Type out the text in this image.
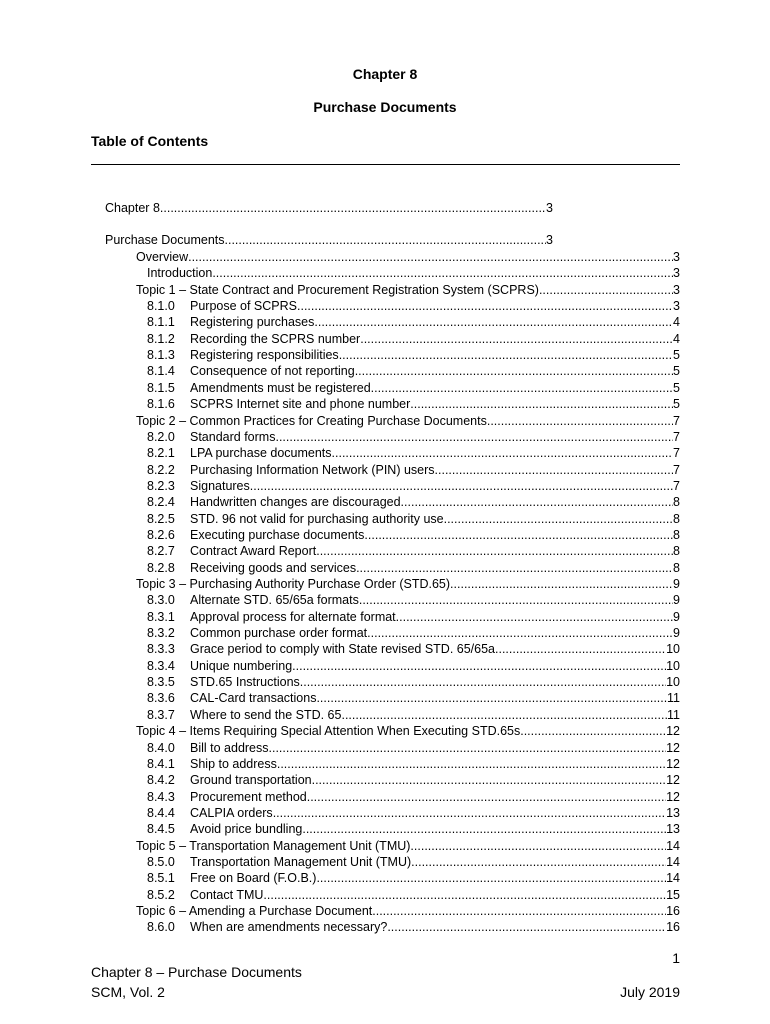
Chapter 8
Purchase Documents
Table of Contents
Chapter 8 .....	3
Purchase Documents .....	3
Overview .....	3
Introduction .....	3
Topic 1 – State Contract and Procurement Registration System (SCPRS) .....	3
8.1.0	Purpose of SCPRS .....	3
8.1.1	Registering purchases .....	4
8.1.2	Recording the SCPRS number .....	4
8.1.3	Registering responsibilities .....	5
8.1.4	Consequence of not reporting .....	5
8.1.5	Amendments must be registered .....	5
8.1.6	SCPRS Internet site and phone number .....	5
Topic 2 – Common Practices for Creating Purchase Documents .....	7
8.2.0	Standard forms .....	7
8.2.1	LPA purchase documents .....	7
8.2.2	Purchasing Information Network (PIN) users .....	7
8.2.3	Signatures .....	7
8.2.4	Handwritten changes are discouraged .....	8
8.2.5	STD. 96 not valid for purchasing authority use .....	8
8.2.6	Executing purchase documents .....	8
8.2.7	Contract Award Report .....	8
8.2.8	Receiving goods and services .....	8
Topic 3 – Purchasing Authority Purchase Order (STD.65) .....	9
8.3.0	Alternate STD. 65/65a formats .....	9
8.3.1	Approval process for alternate format .....	9
8.3.2	Common purchase order format .....	9
8.3.3	Grace period to comply with State revised STD. 65/65a .....	10
8.3.4	Unique numbering .....	10
8.3.5	STD.65 Instructions .....	10
8.3.6	CAL-Card transactions .....	11
8.3.7	Where to send the STD. 65 .....	11
Topic 4 – Items Requiring Special Attention When Executing STD.65s .....	12
8.4.0	Bill to address .....	12
8.4.1	Ship to address .....	12
8.4.2	Ground transportation .....	12
8.4.3	Procurement method .....	12
8.4.4	CALPIA orders .....	13
8.4.5	Avoid price bundling .....	13
Topic 5 – Transportation Management Unit (TMU) .....	14
8.5.0	Transportation Management Unit (TMU) .....	14
8.5.1	Free on Board (F.O.B.) .....	14
8.5.2	Contact TMU .....	15
Topic 6 – Amending a Purchase Document .....	16
8.6.0	When are amendments necessary? .....	16
1
Chapter 8 – Purchase Documents
SCM, Vol. 2	July 2019
